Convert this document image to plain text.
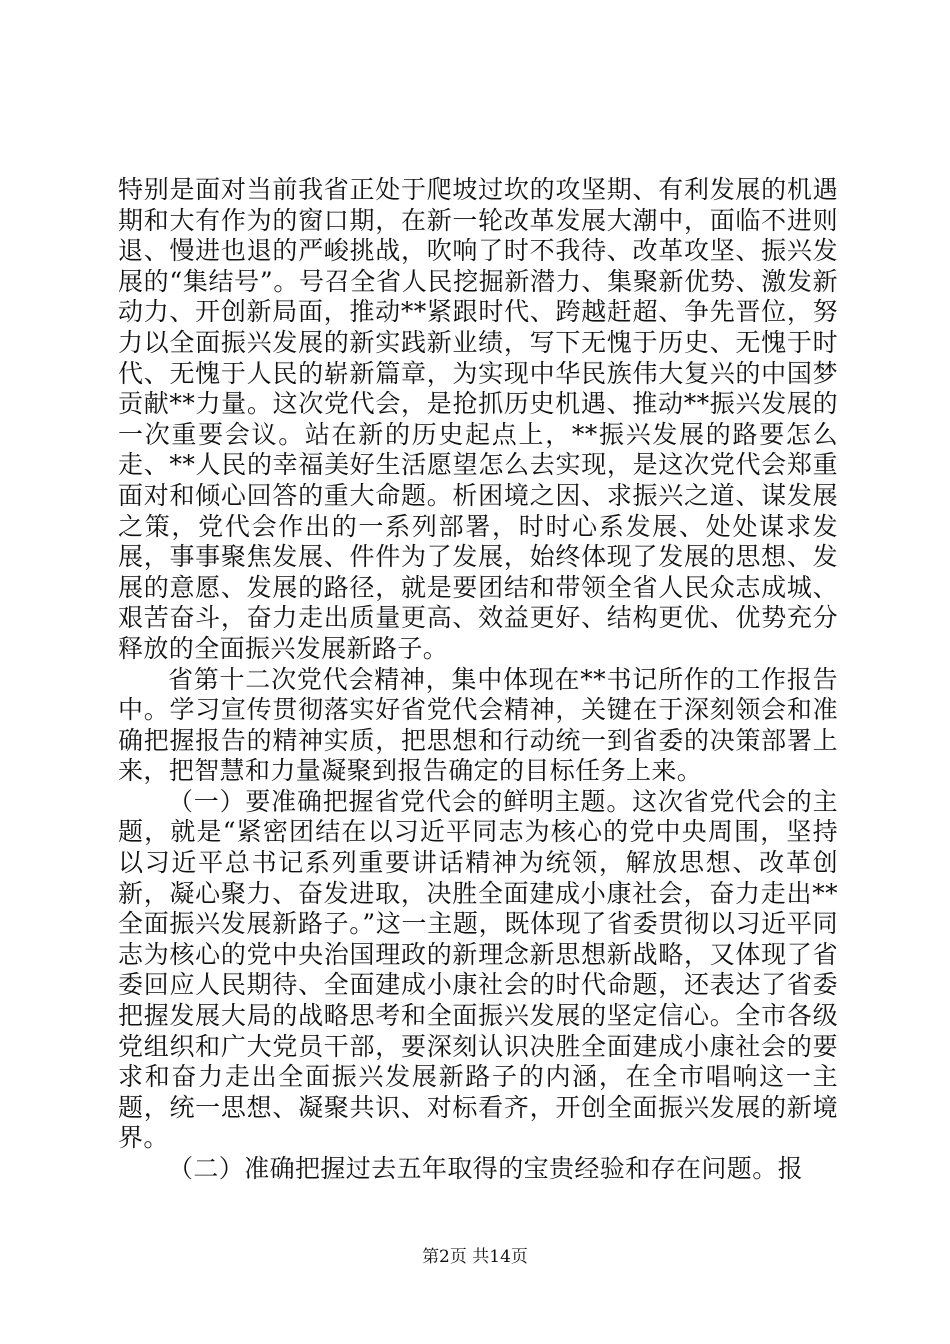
特别是面对当前我省正处于爬坡过坎的攻坚期、有利发展的机遇期和大有作为的窗口期，在新一轮改革发展大潮中，面临不进则退、慢进也退的严峻挑战，吹响了时不我待、改革攻坚、振兴发展的“集结号”。号召全省人民挖掘新潜力、集聚新优势、激发新动力、开创新局面，推动**紧跟时代、跨越赶超、争先晋位，努力以全面振兴发展的新实践新业绩，写下无愧于历史、无愧于时代、无愧于人民的崭新篇章，为实现中华民族伟大复兴的中国梦贡献**力量。这次党代会，是抢抓历史机遇、推动**振兴发展的一次重要会议。站在新的历史起点上，**振兴发展的路要怎么走、**人民的幸福美好生活愿望怎么去实现，是这次党代会郑重面对和倾心回答的重大命题。析困境之因、求振兴之道、谋发展之策，党代会作出的一系列部署，时时心系发展、处处谋求发展，事事聚焦发展、件件为了发展，始终体现了发展的思想、发展的意愿、发展的路径，就是要团结和带领全省人民众志成城、艰苦奋斗，奋力走出质量更高、效益更好、结构更优、优势充分释放的全面振兴发展新路子。

省第十二次党代会精神，集中体现在**书记所作的工作报告中。学习宣传贯彻落实好省党代会精神，关键在于深刻领会和准确把握报告的精神实质，把思想和行动统一到省委的决策部署上来，把智慧和力量凝聚到报告确定的目标任务上来。

（一）要准确把握省党代会的鲜明主题。这次省党代会的主题，就是“紧密团结在以习近平同志为核心的党中央周围，坚持以习近平总书记系列重要讲话精神为统领，解放思想、改革创新，凝心聚力、奋发进取，决胜全面建成小康社会，奋力走出**全面振兴发展新路子。”这一主题，既体现了省委贯彻以习近平同志为核心的党中央治国理政的新理念新思想新战略，又体现了省委回应人民期待、全面建成小康社会的时代命题，还表达了省委把握发展大局的战略思考和全面振兴发展的坚定信心。全市各级党组织和广大党员干部，要深刻认识决胜全面建成小康社会的要求和奋力走出全面振兴发展新路子的内涵，在全市唱响这一主题，统一思想、凝聚共识、对标看齐，开创全面振兴发展的新境界。

（二）准确把握过去五年取得的宝贵经验和存在问题。报

第2页 共14页
